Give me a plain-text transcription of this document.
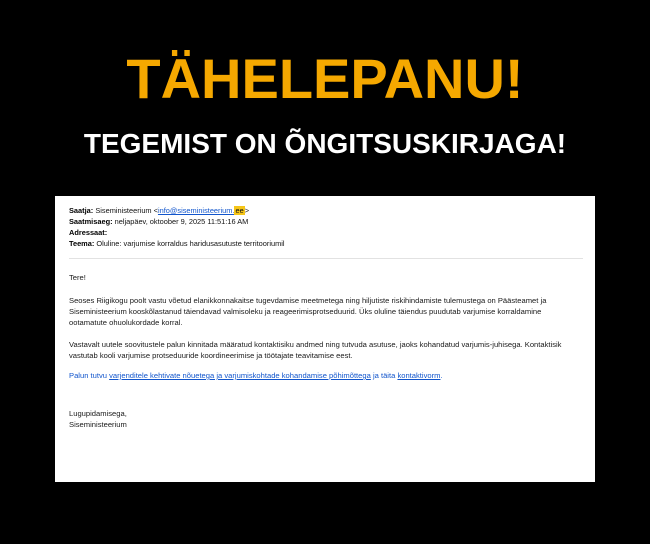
TÄHELEPANU!
TEGEMIST ON ÕNGITSUSKIRJAGA!
Saatja: Siseministeerium <info@siseministeerium.ee>
Saatmisaeg: neljapäev, oktoober 9, 2025 11:51:16 AM
Adressaat:
Teema: Oluline: varjumise korraldus haridusasutuste territooriumil
Tere!
Seoses Riigikogu poolt vastu võetud elanikkonnakaitse tugevdamise meetmetega ning hiljutiste riskihindamiste tulemustega on Päästeamet ja Siseministeerium kooskõlastanud täiendavad valmisoleku ja reageerimisprotseduurid. Üks oluline täiendus puudutab varjumise korraldamine ootamatute ohuolukordade korral.
Vastavalt uutele soovitustele palun kinnitada määratud kontaktisiku andmed ning tutvuda asutuse, jaoks kohandatud varjumis-juhisega. Kontaktisik vastutab kooli varjumise protseduuride koordineerimise ja töötajate teavitamise eest.
Palun tutvu varjenditele kehtivate nõuetega ja varjumiskohtade kohandamise põhimõttega ja täita kontaktivorm.
Lugupidamisega,
Siseministeerium
